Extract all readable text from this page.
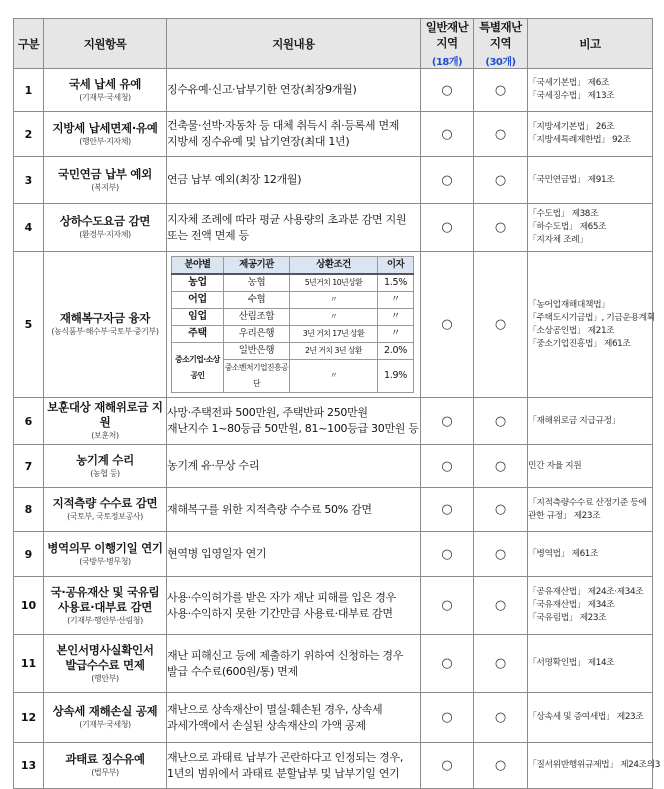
구분	지원항목	지원내용	일반재난지역
(18개)
	특별재난지역
(30개)
	비고
1	국세 납세 유예
(기재부·국세청)

징수유예·신고·납부기한 연장(최장9개월)	○	○	「국세기본법」 제6조
「국세징수법」 제13조

2	지방세 납세면제·유예
(행안부·지자체)

건축물·선박·자동차 등 대체 취득시 취·등록세 면제
지방세 징수유예 및 납기연장(최대 1년)	○	○	「지방세기본법」 26조
「지방세특례제한법」 92조

3	국민연금 납부 예외
(복지부)

연금 납부 예외(최장 12개월)	○	○	「국민연금법」 제91조

4	상하수도요금 감면
(환경부·지자체)

지자체 조례에 따라 평균 사용량의 초과분 감면 지원
또는 전액 면제 등	○	○	
「수도법」 제38조
「하수도법」 제65조
「지자체 조례」

5	재해복구자금 융자
(농식품부·해수부·국토부·중기부)

분야별	제공기관	상환조건	이자
농업	농협	5년거치 10년상환	1.5%
어업	수협	〃	〃
임업	산림조합	〃	〃
주택	우리은행	3년 거치 17년 상환	〃
중소기업·소상공인	일반은행	2년 거치 3년 상환	2.0%
중소벤처기업진흥공단	〃	1.9%
	○	○	
「농어업재해대책법」
「주택도시기금법」, 기금운용계획
「소상공인법」 제21조
「중소기업진흥법」 제61조

6	
보훈대상 재해위로금 지원
(보훈처)

사망·주택전파 500만원, 주택반파 250만원
재난지수 1~80등급 50만원, 81~100등급 30만원 등	○	○	「재해위로금 지급규정」

7	농기계 수리
(농협 등)

농기계 유·무상 수리	○	○	민간 자율 지원

8	지적측량 수수료 감면
(국토부, 국토정보공사)

재해복구를 위한 지적측량 수수료 50% 감면	○	○	「지적측량수수료 산정기준 등에
관한 규정」 제23조

9	병역의무 이행기일 연기
(국방부·병무청)

현역병 입영일자 연기	○	○	「병역법」 제61조

10	
국·공유재산 및 국유림
사용료·대부료 감면
(기재부·행안부·산림청)

사용·수익허가를 받은 자가 재난 피해를 입은 경우
사용·수익하지 못한 기간만큼 사용료·대부료 감면	○	○	
「공유재산법」 제24조·제34조
「국유재산법」 제34조
「국유림법」 제23조

11	
본인서명사실확인서
발급수수료 면제
(행안부)

재난 피해신고 등에 제출하기 위하여 신청하는 경우
발급 수수료(600원/통) 면제	○	○	「서명확인법」 제14조

12	상속세 재해손실 공제
(기재부·국세청)

재난으로 상속재산이 멸실·훼손된 경우, 상속세
과세가액에서 손실된 상속재산의 가액 공제	○	○	「상속세 및 증여세법」 제23조

13	과태료 징수유예
(법무부)

재난으로 과태료 납부가 곤란하다고 인정되는 경우,
1년의 범위에서 과태료 분할납부 및 납부기일 연기	○	○	「질서위반행위규제법」 제24조의3
